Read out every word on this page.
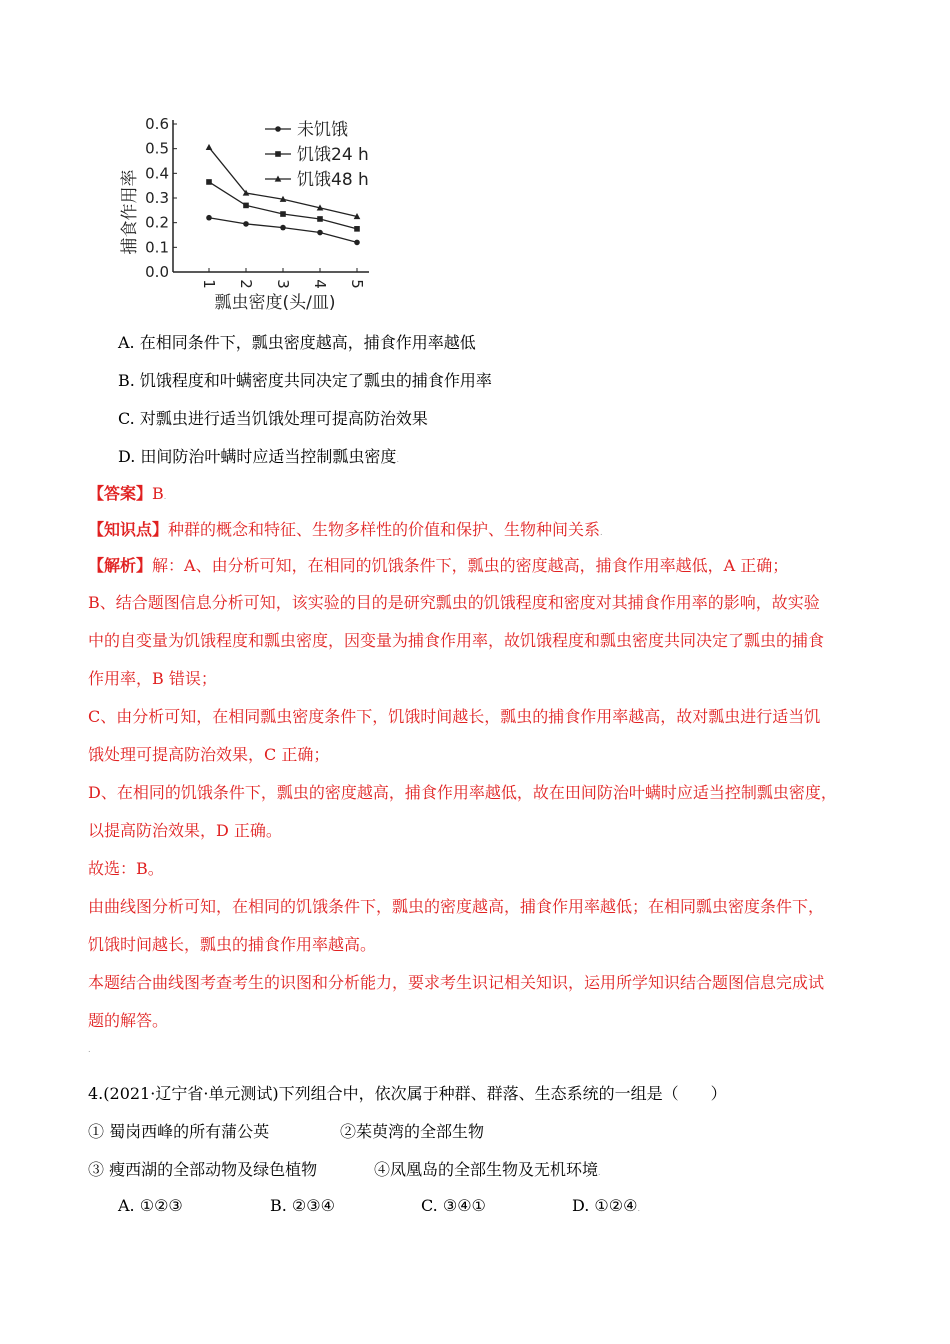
0.0
0.1
0.2
0.3
0.4
0.5
0.6
1 2 3 4 5
未饥饿
饥饿24 h
饥饿48 h
捕食作用率
瓢虫密度(头/皿)
A. 在相同条件下，瓢虫密度越高，捕食作用率越低
B. 饥饿程度和叶螨密度共同决定了瓢虫的捕食作用率
C. 对瓢虫进行适当饥饿处理可提高防治效果
D. 田间防治叶螨时应适当控制瓢虫密度.
【答案】B.
【知识点】种群的概念和特征、生物多样性的价值和保护、生物种间关系.
【解析】解：A、由分析可知，在相同的饥饿条件下，瓢虫的密度越高，捕食作用率越低，A 正确；
B、结合题图信息分析可知，该实验的目的是研究瓢虫的饥饿程度和密度对其捕食作用率的影响，故实验
中的自变量为饥饿程度和瓢虫密度，因变量为捕食作用率，故饥饿程度和瓢虫密度共同决定了瓢虫的捕食
作用率，B 错误；
C、由分析可知，在相同瓢虫密度条件下，饥饿时间越长，瓢虫的捕食作用率越高，故对瓢虫进行适当饥
饿处理可提高防治效果，C 正确；
D、在相同的饥饿条件下，瓢虫的密度越高，捕食作用率越低，故在田间防治叶螨时应适当控制瓢虫密度，
以提高防治效果，D 正确。
故选：B。
由曲线图分析可知，在相同的饥饿条件下，瓢虫的密度越高，捕食作用率越低；在相同瓢虫密度条件下，
饥饿时间越长，瓢虫的捕食作用率越高。
本题结合曲线图考查考生的识图和分析能力，要求考生识记相关知识，运用所学知识结合题图信息完成试
题的解答。
.
4.(2021·辽宁省·单元测试)下列组合中，依次属于种群、群落、生态系统的一组是（　　）
① 蜀岗西峰的所有蒲公英	②茱萸湾的全部生物
③ 瘦西湖的全部动物及绿色植物	④凤凰岛的全部生物及无机环境.
A. ①②③	B. ②③④	C. ③④①	D. ①②④.
